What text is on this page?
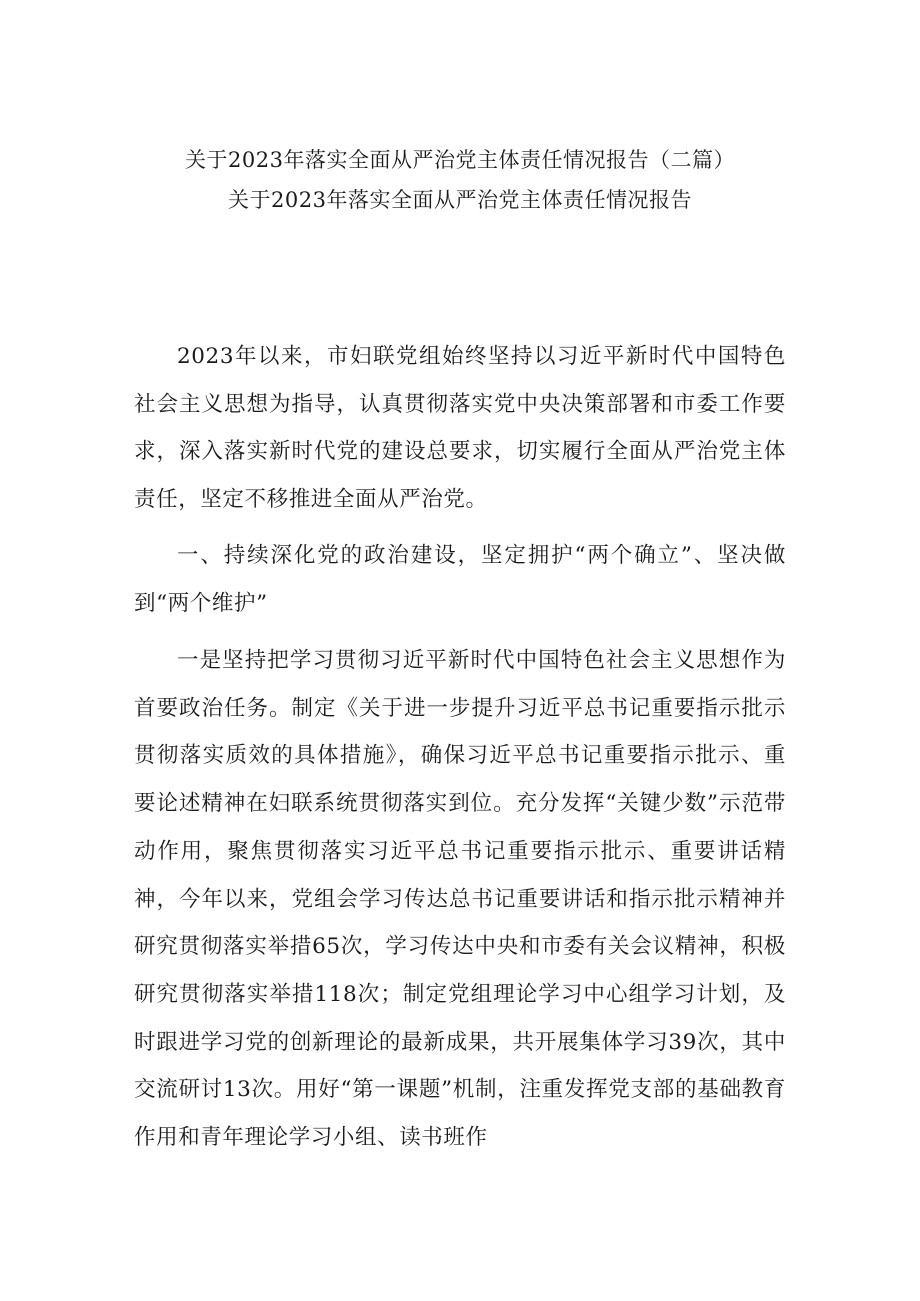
关于2023年落实全面从严治党主体责任情况报告（二篇）
关于2023年落实全面从严治党主体责任情况报告

2023年以来，市妇联党组始终坚持以习近平新时代中国特色社会主义思想为指导，认真贯彻落实党中央决策部署和市委工作要求，深入落实新时代党的建设总要求，切实履行全面从严治党主体责任，坚定不移推进全面从严治党。

一、持续深化党的政治建设，坚定拥护“两个确立”、坚决做到“两个维护”

一是坚持把学习贯彻习近平新时代中国特色社会主义思想作为首要政治任务。制定《关于进一步提升习近平总书记重要指示批示贯彻落实质效的具体措施》，确保习近平总书记重要指示批示、重要论述精神在妇联系统贯彻落实到位。充分发挥“关键少数”示范带动作用，聚焦贯彻落实习近平总书记重要指示批示、重要讲话精神，今年以来，党组会学习传达总书记重要讲话和指示批示精神并研究贯彻落实举措65次，学习传达中央和市委有关会议精神，积极研究贯彻落实举措118次；制定党组理论学习中心组学习计划，及时跟进学习党的创新理论的最新成果，共开展集体学习39次，其中交流研讨13次。用好“第一课题”机制，注重发挥党支部的基础教育作用和青年理论学习小组、读书班作
